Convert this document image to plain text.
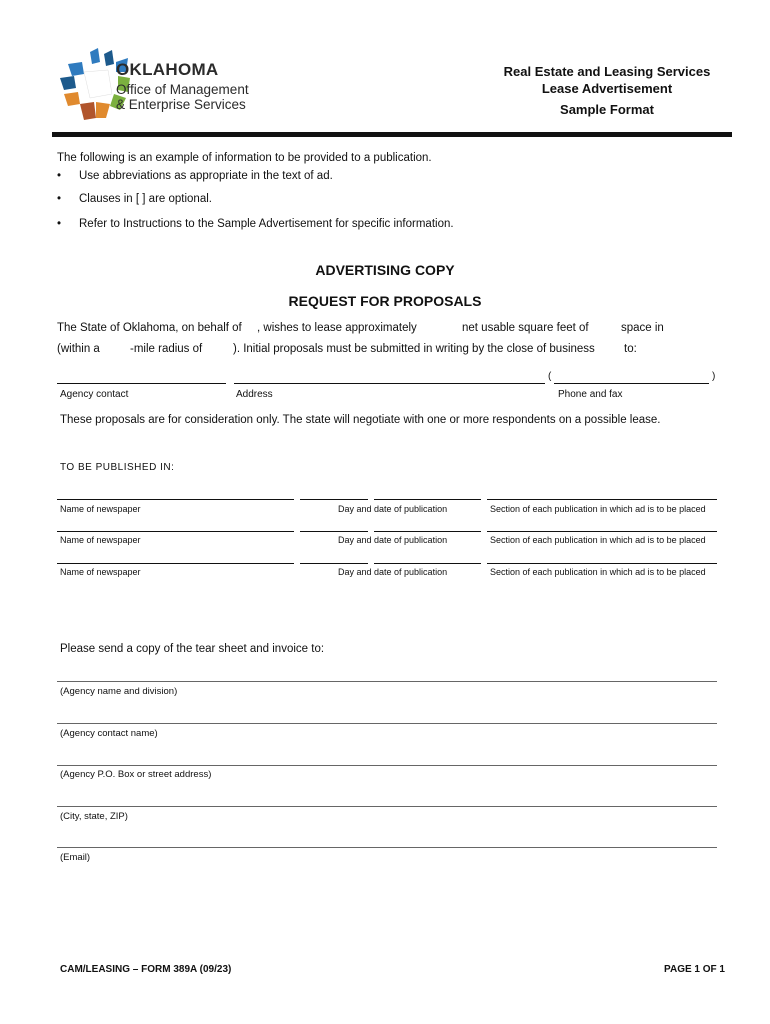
OKLAHOMA
Office of Management
& Enterprise Services
Real Estate and Leasing Services
Lease Advertisement
Sample Format
The following is an example of information to be provided to a publication.
• Use abbreviations as appropriate in the text of ad.
• Clauses in [ ] are optional.
• Refer to Instructions to the Sample Advertisement for specific information.
ADVERTISING COPY
REQUEST FOR PROPOSALS
The State of Oklahoma, on behalf of , wishes to lease approximately	net usable square feet of	space in
(within a	-mile radius of	). Initial proposals must be submitted in writing by the close of business	to:
(	)
Agency contact	Address	Phone and fax
These proposals are for consideration only. The state will negotiate with one or more respondents on a possible lease.
TO BE PUBLISHED IN:
Name of newspaper	Day and date of publication	Section of each publication in which ad is to be placed
Name of newspaper	Day and date of publication	Section of each publication in which ad is to be placed
Name of newspaper	Day and date of publication	Section of each publication in which ad is to be placed
Please send a copy of the tear sheet and invoice to:
(Agency name and division)
(Agency contact name)
(Agency P.O. Box or street address)
(City, state, ZIP)
(Email)
CAM/LEASING – FORM 389A (09/23)	PAGE 1 OF 1
